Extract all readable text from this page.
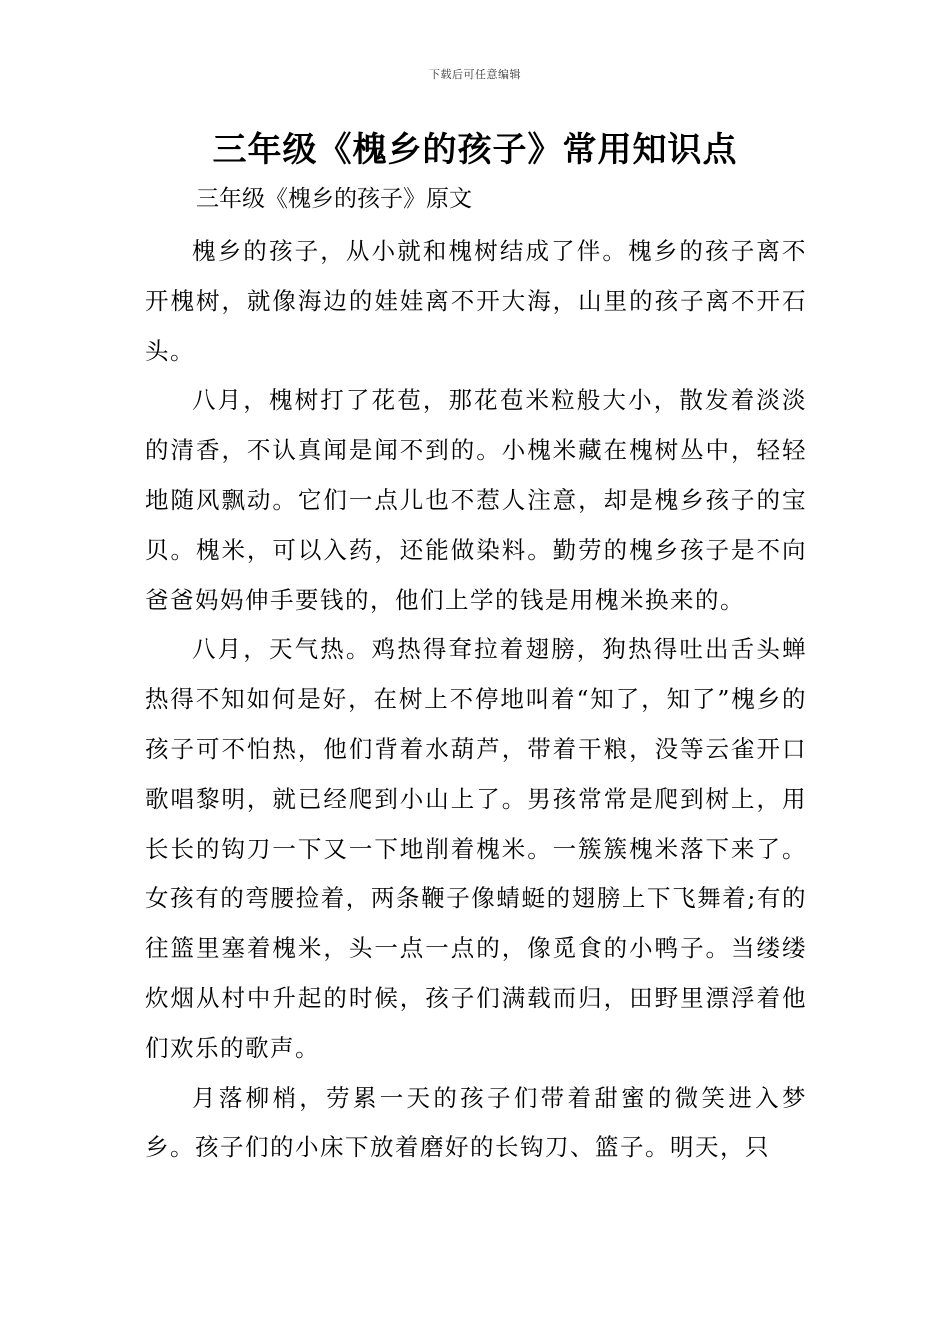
下载后可任意编辑
三年级《槐乡的孩子》常用知识点
三年级《槐乡的孩子》原文

槐乡的孩子，从小就和槐树结成了伴。槐乡的孩子离不开槐树，就像海边的娃娃离不开大海，山里的孩子离不开石头。

八月，槐树打了花苞，那花苞米粒般大小，散发着淡淡的清香，不认真闻是闻不到的。小槐米藏在槐树丛中，轻轻地随风飘动。它们一点儿也不惹人注意，却是槐乡孩子的宝贝。槐米，可以入药，还能做染料。勤劳的槐乡孩子是不向爸爸妈妈伸手要钱的，他们上学的钱是用槐米换来的。

八月，天气热。鸡热得耷拉着翅膀，狗热得吐出舌头蝉热得不知如何是好，在树上不停地叫着“知了，知了”槐乡的孩子可不怕热，他们背着水葫芦，带着干粮，没等云雀开口歌唱黎明，就已经爬到小山上了。男孩常常是爬到树上，用长长的钩刀一下又一下地削着槐米。一簇簇槐米落下来了。女孩有的弯腰捡着，两条鞭子像蜻蜓的翅膀上下飞舞着;有的往篮里塞着槐米，头一点一点的，像觅食的小鸭子。当缕缕炊烟从村中升起的时候，孩子们满载而归，田野里漂浮着他们欢乐的歌声。

月落柳梢，劳累一天的孩子们带着甜蜜的微笑进入梦乡。孩子们的小床下放着磨好的长钩刀、篮子。明天，只
